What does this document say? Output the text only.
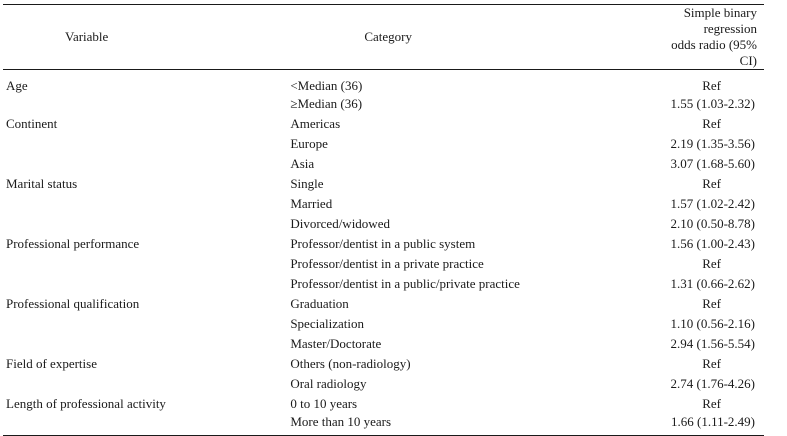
Variable	Category	Simple binary regression
odds radio (95% CI)

Age	<Median (36)	Ref
	≥Median (36)	1.55 (1.03-2.32)
Continent	Americas	Ref
	Europe	2.19 (1.35-3.56)
	Asia	3.07 (1.68-5.60)
Marital status	Single	Ref
	Married	1.57 (1.02-2.42)
	Divorced/widowed	2.10 (0.50-8.78)
Professional performance	Professor/dentist in a public system	1.56 (1.00-2.43)
	Professor/dentist in a private practice	Ref
	Professor/dentist in a public/private practice	1.31 (0.66-2.62)
Professional qualification	Graduation	Ref
	Specialization	1.10 (0.56-2.16)
	Master/Doctorate	2.94 (1.56-5.54)
Field of expertise	Others (non-radiology)	Ref
	Oral radiology	2.74 (1.76-4.26)
Length of professional activity	0 to 10 years	Ref
	More than 10 years	1.66 (1.11-2.49)
